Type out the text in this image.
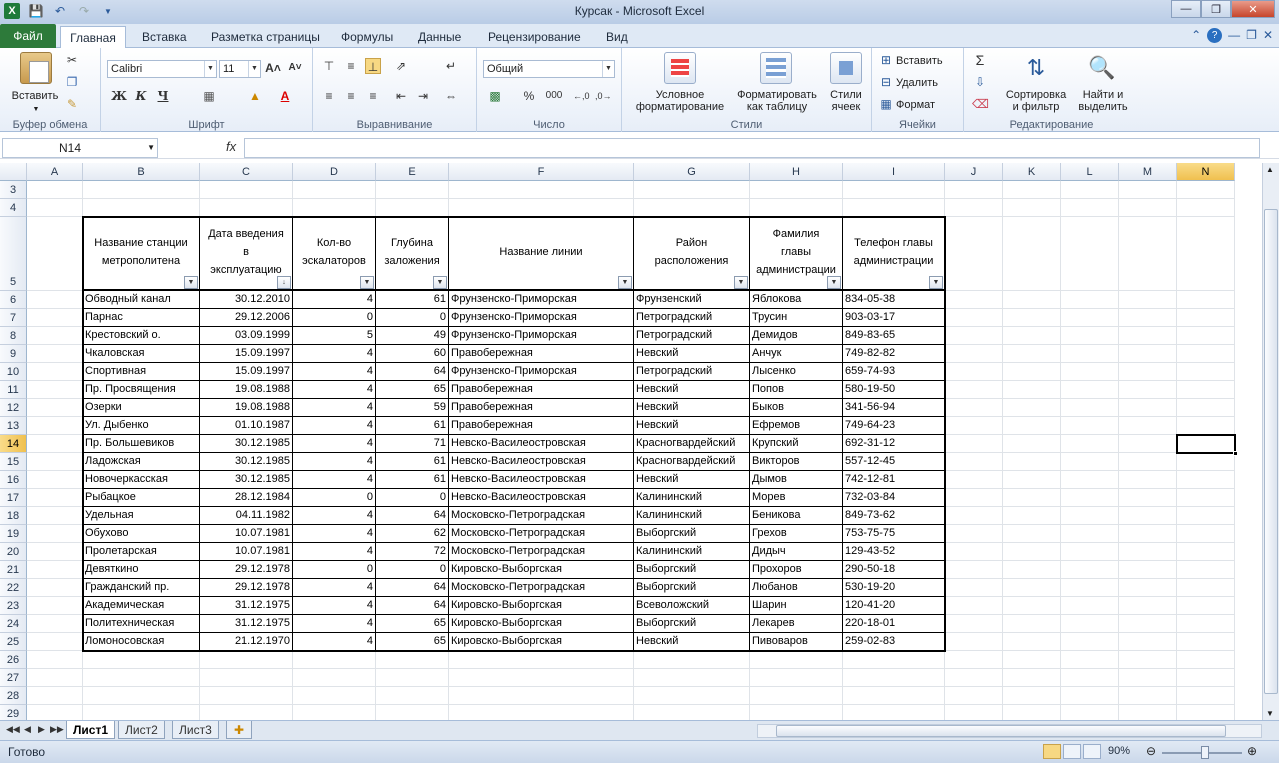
X	💾 ↶ ↷	▼	Курсак - Microsoft Excel	—	❐	✕
Файл	Главная	Вставка	Разметка страницы	Формулы	Данные	Рецензирование	Вид	⌃	? — ❐ ✕
Вставить
▼
✂
❐
✎
Буфер обмена
Calibri	▼ 11	▼ A˄ A˅
Ж К Ч	▦	▲	A
Шрифт
⊤	≡	⊥ ⇗	↵
≡	≡	≡	⇤ ⇥ ⇔
Выравнивание
Общий	▼
▩ % 000 ←,0 ,0→
Число
Условное
форматирование
Форматировать
как таблицу
Стили
ячеек
Стили
⊞ Вставить
⊟ Удалить
▦ Формат
Ячейки
Σ
⇩
⌫
⇅
Сортировка
и фильтр
🔍
Найти и
выделить
Редактирование
N14	▼	fx
A	B	C	D	E	F	G	H	I	J	K	L	M	N
3
4
5
Название станции
метрополитена
▼
Дата введения
в
эксплуатацию
↓
Кол-во
эскалаторов
▼
Глубина
заложения
▼
Название линии
▼
Район
расположения
▼
Фамилия
главы
администрации
▼
Телефон главы
администрации
▼
6	Обводный канал	30.12.2010	4	61 Фрунзенско-Приморская	Фрунзенский	Яблокова	834-05-38
7	Парнас	29.12.2006	0	0 Фрунзенско-Приморская	Петроградский	Трусин	903-03-17
8	Крестовский о.	03.09.1999	5	49 Фрунзенско-Приморская	Петроградский	Демидов	849-83-65
9	Чкаловская	15.09.1997	4	60 Правобережная	Невский	Анчук	749-82-82
10	Спортивная	15.09.1997	4	64 Фрунзенско-Приморская	Петроградский	Лысенко	659-74-93
11	Пр. Просвящения	19.08.1988	4	65 Правобережная	Невский	Попов	580-19-50
12	Озерки	19.08.1988	4	59 Правобережная	Невский	Быков	341-56-94
13	Ул. Дыбенко	01.10.1987	4	61 Правобережная	Невский	Ефремов	749-64-23
14	Пр. Большевиков	30.12.1985	4	71 Невско-Василеостровская	Красногвардейский	Крупский	692-31-12
15	Ладожская	30.12.1985	4	61 Невско-Василеостровская	Красногвардейский	Викторов	557-12-45
16	Новочеркасская	30.12.1985	4	61 Невско-Василеостровская	Невский	Дымов	742-12-81
17	Рыбацкое	28.12.1984	0	0 Невско-Василеостровская	Калининский	Морев	732-03-84
18	Удельная	04.11.1982	4	64 Московско-Петроградская	Калининский	Беникова	849-73-62
19	Обухово	10.07.1981	4	62 Московско-Петроградская	Выборгский	Грехов	753-75-75
20	Пролетарская	10.07.1981	4	72 Московско-Петроградская	Калининский	Дидыч	129-43-52
21	Девяткино	29.12.1978	0	0 Кировско-Выборгская	Выборгский	Прохоров	290-50-18
22	Гражданский пр.	29.12.1978	4	64 Московско-Петроградская	Выборгский	Любанов	530-19-20
23	Академическая	31.12.1975	4	64 Кировско-Выборгская	Всеволожский	Шарин	120-41-20
24	Политехническая	31.12.1975	4	65 Кировско-Выборгская	Выборгский	Лекарев	220-18-01
25	Ломоносовская	21.12.1970	4	65 Кировско-Выборгская	Невский	Пивоваров	259-02-83
26
27
28
29
▲
▼
◀◀ ◀ ▶ ▶▶ Лист1	Лист2	Лист3	✚
Готово	90% ⊖	⊕
